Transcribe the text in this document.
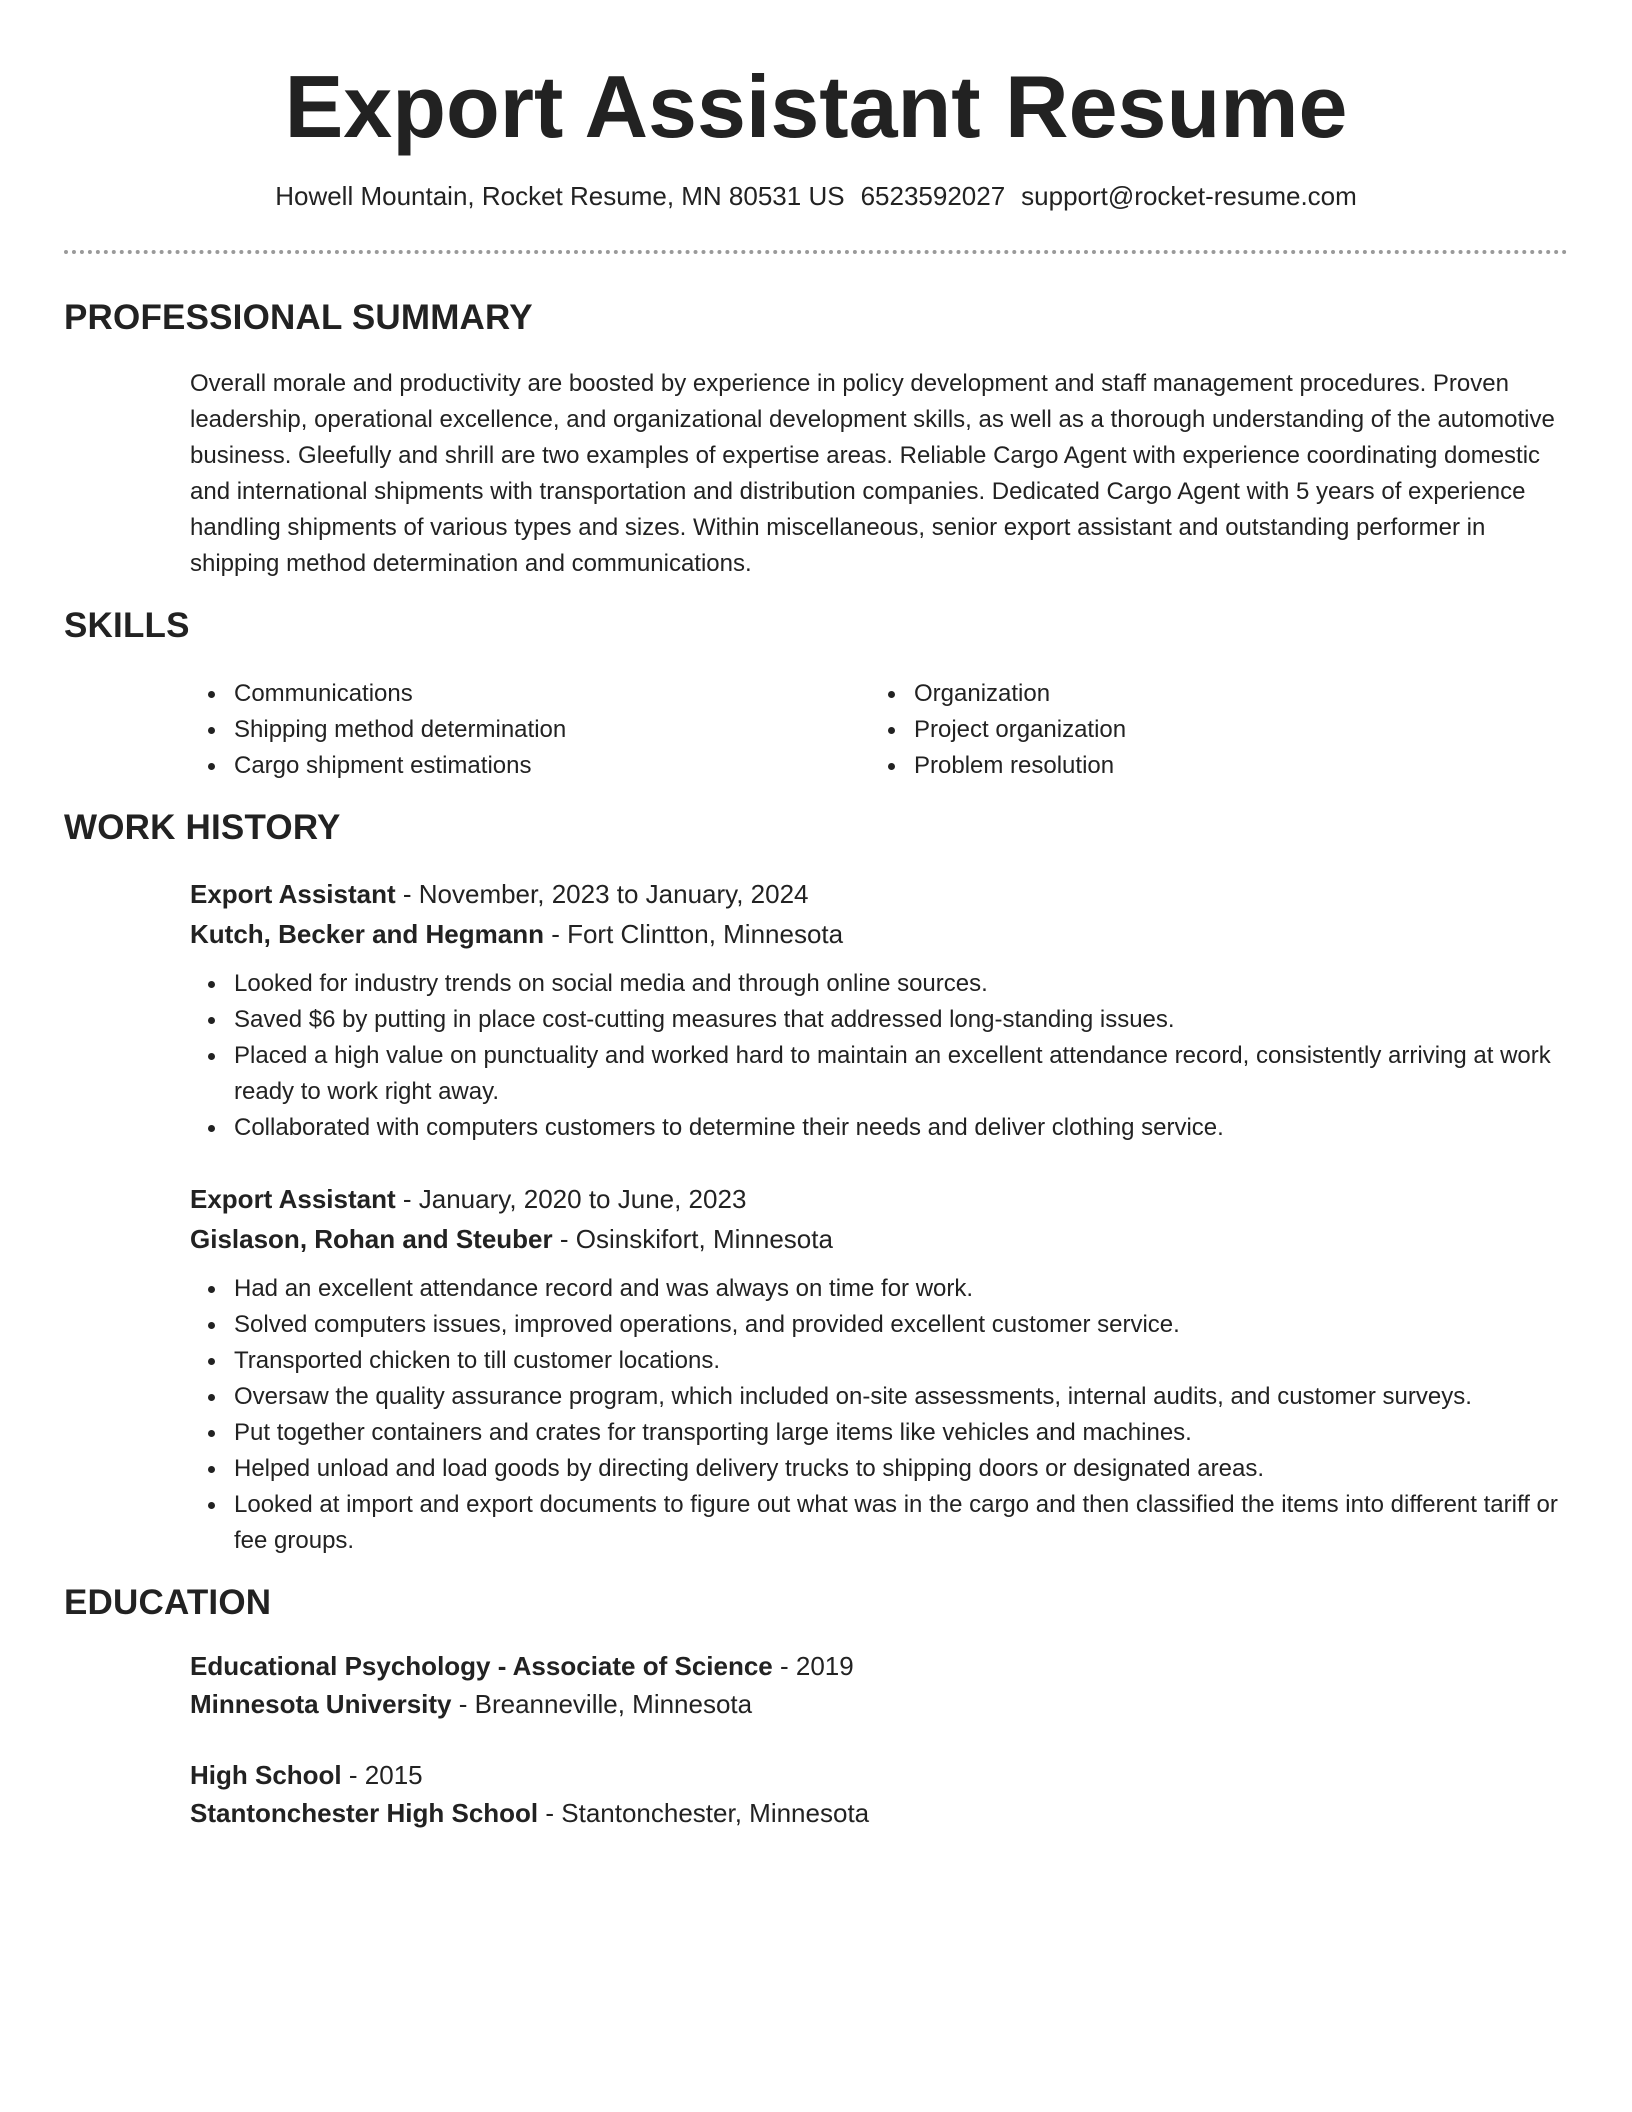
Export Assistant Resume
Howell Mountain, Rocket Resume, MN 80531 US 6523592027 support@rocket-resume.com
PROFESSIONAL SUMMARY
Overall morale and productivity are boosted by experience in policy development and staff management procedures. Proven leadership, operational excellence, and organizational development skills, as well as a thorough understanding of the automotive business. Gleefully and shrill are two examples of expertise areas. Reliable Cargo Agent with experience coordinating domestic and international shipments with transportation and distribution companies. Dedicated Cargo Agent with 5 years of experience handling shipments of various types and sizes. Within miscellaneous, senior export assistant and outstanding performer in shipping method determination and communications.
SKILLS
Communications
Shipping method determination
Cargo shipment estimations
Organization
Project organization
Problem resolution
WORK HISTORY
Export Assistant - November, 2023 to January, 2024
Kutch, Becker and Hegmann - Fort Clintton, Minnesota
Looked for industry trends on social media and through online sources.
Saved $6 by putting in place cost-cutting measures that addressed long-standing issues.
Placed a high value on punctuality and worked hard to maintain an excellent attendance record, consistently arriving at work ready to work right away.
Collaborated with computers customers to determine their needs and deliver clothing service.
Export Assistant - January, 2020 to June, 2023
Gislason, Rohan and Steuber - Osinskifort, Minnesota
Had an excellent attendance record and was always on time for work.
Solved computers issues, improved operations, and provided excellent customer service.
Transported chicken to till customer locations.
Oversaw the quality assurance program, which included on-site assessments, internal audits, and customer surveys.
Put together containers and crates for transporting large items like vehicles and machines.
Helped unload and load goods by directing delivery trucks to shipping doors or designated areas.
Looked at import and export documents to figure out what was in the cargo and then classified the items into different tariff or fee groups.
EDUCATION
Educational Psychology - Associate of Science - 2019
Minnesota University - Breanneville, Minnesota
High School - 2015
Stantonchester High School - Stantonchester, Minnesota
